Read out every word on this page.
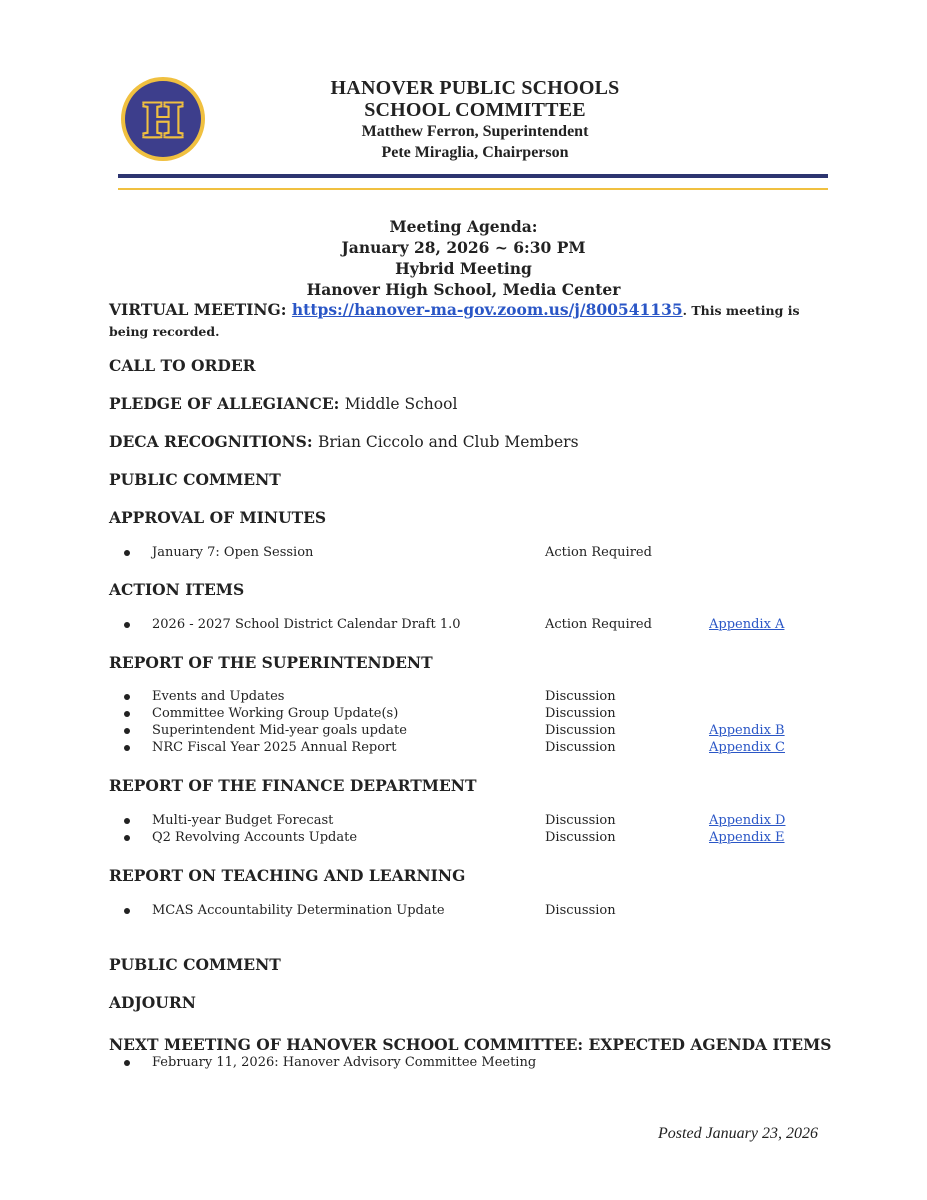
H
HANOVER PUBLIC SCHOOLS
SCHOOL COMMITTEE
Matthew Ferron, Superintendent
Pete Miraglia, Chairperson
Meeting Agenda:
January 28, 2026 ~ 6:30 PM
Hybrid Meeting
Hanover High School, Media Center
VIRTUAL MEETING: https://hanover-ma-gov.zoom.us/j/800541135. This meeting is being recorded.
CALL TO ORDER
PLEDGE OF ALLEGIANCE: Middle School
DECA RECOGNITIONS: Brian Ciccolo and Club Members
PUBLIC COMMENT
APPROVAL OF MINUTES
January 7: Open Session	Action Required
ACTION ITEMS
2026 - 2027 School District Calendar Draft 1.0	Action Required	Appendix A
REPORT OF THE SUPERINTENDENT
Events and Updates	Discussion
Committee Working Group Update(s)	Discussion
Superintendent Mid-year goals update	Discussion	Appendix B
NRC Fiscal Year 2025 Annual Report	Discussion	Appendix C
REPORT OF THE FINANCE DEPARTMENT
Multi-year Budget Forecast	Discussion	Appendix D
Q2 Revolving Accounts Update	Discussion	Appendix E
REPORT ON TEACHING AND LEARNING
MCAS Accountability Determination Update	Discussion
PUBLIC COMMENT
ADJOURN
NEXT MEETING OF HANOVER SCHOOL COMMITTEE: EXPECTED AGENDA ITEMS
February 11, 2026: Hanover Advisory Committee Meeting
Posted January 23, 2026
